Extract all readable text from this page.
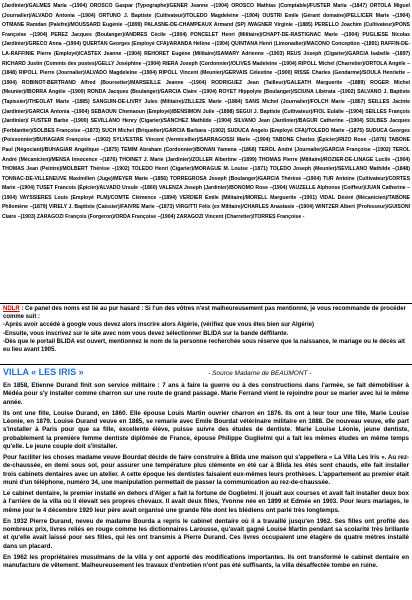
(Jardinier)/GALMES Maria –(1904) OROSCO Gaspar (Typographe)/GENER Jeanne –(1904) OROSCO Mathias (Comptable)/FUSTER Maria –(1847) ORTOLA Miguel (Journalier)/ALVADO Antonia –(1904) ORTUNO J. Baptiste (Cultivateur)/TOLEDO Magdeleine –(1904) OUSTRI Emile (Gérant domaine)/PELLICER Marie –(1904) OTMANE Ramdan (Palefre)/MOUSSARD Eugénie –(1899) PALASNE-DE-CHAMPEAUX Armand (SP) /WAGNER Virginie –(1885) PERELLO Joachim (Cultivateur)/PONS Françoise –(1904) PEREZ Jacques (Boulanger)/ANDRES Cécile –(1904) PONCELET Henri (Militaire)/CHAPT-DE-RASTIGNAC Marie –(1904) PUGLIESE Nicolas (Jardinier)/GRECO Anna –(1904) QUERTAN Georges (Employé CFA)/ARANDA Hélène –(1904) QUINTANA Henri (Limonadier)/MACONO Conception –(1891) RAFFIN-DE-LA-RAFFINIE Pierre (Employé)/CASTEX Jeanne –(1904) REHORET Eugène (Militaire)/SAMARY Adrienne –(1903) REUS Joseph (Cigarier)/GARCIA Isabelle –(1897) RICHARD Justin (Commis des postes)/GELLY Joséphine –(1904) RIERA Joseph (Cordonnier)/OLIVES Madeleine –(1904) RIPOLL Michel (Charretier)/ORTOLA Angèle –(1848) RIPOLL Pierre (Journalier)/ALVADO Magdeleine –(1904) RIPOLL Vincent (Meunier)/GERVAIS Célestine –(1900) RISSE Charles (Gendarme)/SOULA Henriette –(1904) ROBINOT-BERTRAND Alfred (Boursetier)/MARSEILLE Jeanne –(1904) RODRIGUEZ Jean (Tailleur)/GALEATH Marguerite –(1889) ROGER Michel (Meunier)/IBORRA Angèle –(1900) RONDA Jacques (Boulanger)/GARCIA Claire –(1904) ROYET Hippolyte (Boulanger)/SCIUNA Libérata –(1902) SALVANO J. Baptiste (Tapissier)/THEOLAT Marie –(1885) SANGUIN-DE-LIVRY Jules (Militaire)/ZILLEZE Marie –(1884) SANS Michel (Journalier)/FOLCH Marie –(1867) SEILLES Jacinte (Jardinier)/GARCIA Antonia –(1904) SEBAOUN Chemaoun (Employé)/BENSIMON Julie –(1898) SEGUI J. Baptiste (Cultivateur)/FIOL Eulalie –(1904) SEILLES François (Jardinier)/ FUSTER Barbe –(1900) SEVILLANO Henry (Cigarier)/SANCHEZ Mathilde –(1904) SILVANO Jean (Jardinier)/BAGUR Catherine –(1904) SOLBES Jacques (Ferblantier)/SOLBES Françoise –(1873) SUCH Michel (Briquetier)/GARCIA Barbara –(1902) SUDUCA Angelo (Employé CFA)/TOLEDO Marie –(1875) SUDUCA Georges (Poissonnier)/BUHAGIAR Françoise –(1902) SYLVESTRE Vincent (Vermicellier)/SARRAGOSSI Marie –(1904) TABONE Charles (Épicier)/RIZO Rose –(1876) TABONE Paul (Négociant)/BUHAGIAR Angélique –(1875) TEMIM Abraham (Cordonnier)/BONAN Yamena –(1868) TEROL André (Journalier)/GARCIA Françoise –(1902) TEROL André (Mécanicien)/MENSA Innocence –(1876) THOINET J. Marie (Jardinier)/ZOLLER Albertine –(1899) THOMAS Pierre (Militaire)/ROZIER-DE-LINAGE Lucile –(1904) THOMAS Jean (Peintre)/MOLBERT Thérèse –(1902) TOLEDO Henri (Cigarier)/MORAGUE M. Louise –(1871) TOLEDO Joseph (Meunier)/SEVILLANO Mathilde –(1848) TONNAC-DE-VILLENEUVE Maximilien (Juge)/MEYER Marie –(1856) TORREGROSA Joseph (Boulanger)/GARCIA Thérèse –(1904) TUR Antoine (Cultivateur)/CORTES Marie –(1904) TUSET Francois (Épicier)/ALVADO Ursule –(1860) VALENZA Joseph (Jardinier)/BONOMO Rose –(1904) VAUZELLE Alphonse (Coiffeur)/JUAN Catherine –(1904) VAYSSIERES Louis (Employé PLM)/COMTE Clémence –(1894) VERDIER Emile (Militaire)/MORELL Marguerite –(1901) VIDAL Désiré (Mécanicien)/TABONE Philomène –(1879) VIRELY J. Baptiste (Caissier)/FAIVRE Marie –(1873) VIRGITTI Félix (ex Militaire)/CHARLES Anastasie –(1904) WINTZER Albert (Professeur)/GUISONI Claire –(1903) ZARAGOZI François (Forgeron)/ORDA Françoise –(1904) ZARAGOZI Vincent (Charretier)/TORRES Françoise -
NDLR : Ce panel des noms est lié au pur hasard : Si l'un des vôtres n'est malheureusement pas mentionné, je vous recommande de procéder comme suit :
-Après avoir accédé à google vous devez alors inscrire alors Algérie, (vérifiez que vous êtes bien sur Algérie)
-Ensuite, vous inscrivez sur le site avec nom vous devez sélectionner BLIDA sur la bande déffilante.
-Dès que le portail BLIDA est ouvert, mentionnez le nom de la personne recherchée sous réserve que la naissance, le mariage ou le décès ait eu lieu avant 1905.
VILLA « LES IRIS »	- Source Madame de BEAUMONT -

En 1858, Etienne Durand finit son service militaire : 7 ans à faire la guerre ou à des constructions dans l'armée, se fait démobiliser à Médéa pour s'y installer comme charron sur une route de grand passage. Marie Ferrand vient le rejoindre pour se marier avec lui le même année.

Ils ont une fille, Louise Durand, en 1860. Elle épouse Louis Martin ouvrier charron en 1876. Ils ont à leur tour une fille, Marie Louise Léonie, en 1879. Louise Durand veuve en 1885, se remarie avec Emile Bourdat vétérinaire militaire en 1888. De nouveau veuve, elle part s'installer à Paris pour que sa fille, excellente élève, puisse suivre des études de dentiste. Marie Louise Léonie, jeune dentiste, probablement la première femme dentiste diplômée de France, épouse Philippe Guglielmi qui a fait les mêmes études en même temps qu'elle. Le jeune couple doit s'installer.

Pour faciliter les choses madame veuve Bourdat décide de faire construire à Blida une maison qui s'appellera « La Villa Les Iris ». Au rez-de-chaussée, en demi sous sol, pour assurer une température plus clémente en été car à Blida les étés sont chauds, elle fait installer trois cabinets dentaires avec un atelier. A cette époque les dentistes faisaient eux-mêmes leurs prothèses. L'appartement au premier était muni d'un téléphone, numéro 34, une manipulation permettait de passer la communication au rez-de-chaussée.

Le cabinet dentaire, le premier installé en dehors d'Alger a fait la fortune de Guglielmi. Il jouait aux courses et avait fait installer deux box à l'arrière de la villa où il élevait ses propres chevaux. Il avait deux filles, Yvonne née en 1899 et Edmée en 1903. Pour leurs mariages, le même jour le 4 décembre 1920 leur père avait organisé une grande fête dont les blédiens ont parlé très longtemps.

En 1932 Pierre Durand, neveu de madame Bourda a repris le cabinet dentaire où il a travaillé jusqu'en 1962. Ses filles ont profité des nombreux prix, livres reliés en rouge comme les dictionnaires Larousse, qu'avait gagné Louise Martin pendant sa scolarité très brillante et qu'elle avait laissé pour ses filles, qui les ont transmis à Pierre Durand. Ces livres occupaient une étagère de quatre mètres installé dans un placard.

En 1962 les propriétaires musulmans de la villa y ont apporté des modifications importantes. Ils ont transformé le cabinet dentaire en manufacture de vêtement. Malheureusement les travaux d'entretien n'ont pas été suffisants, la villa désaffectée tombe en ruine.
